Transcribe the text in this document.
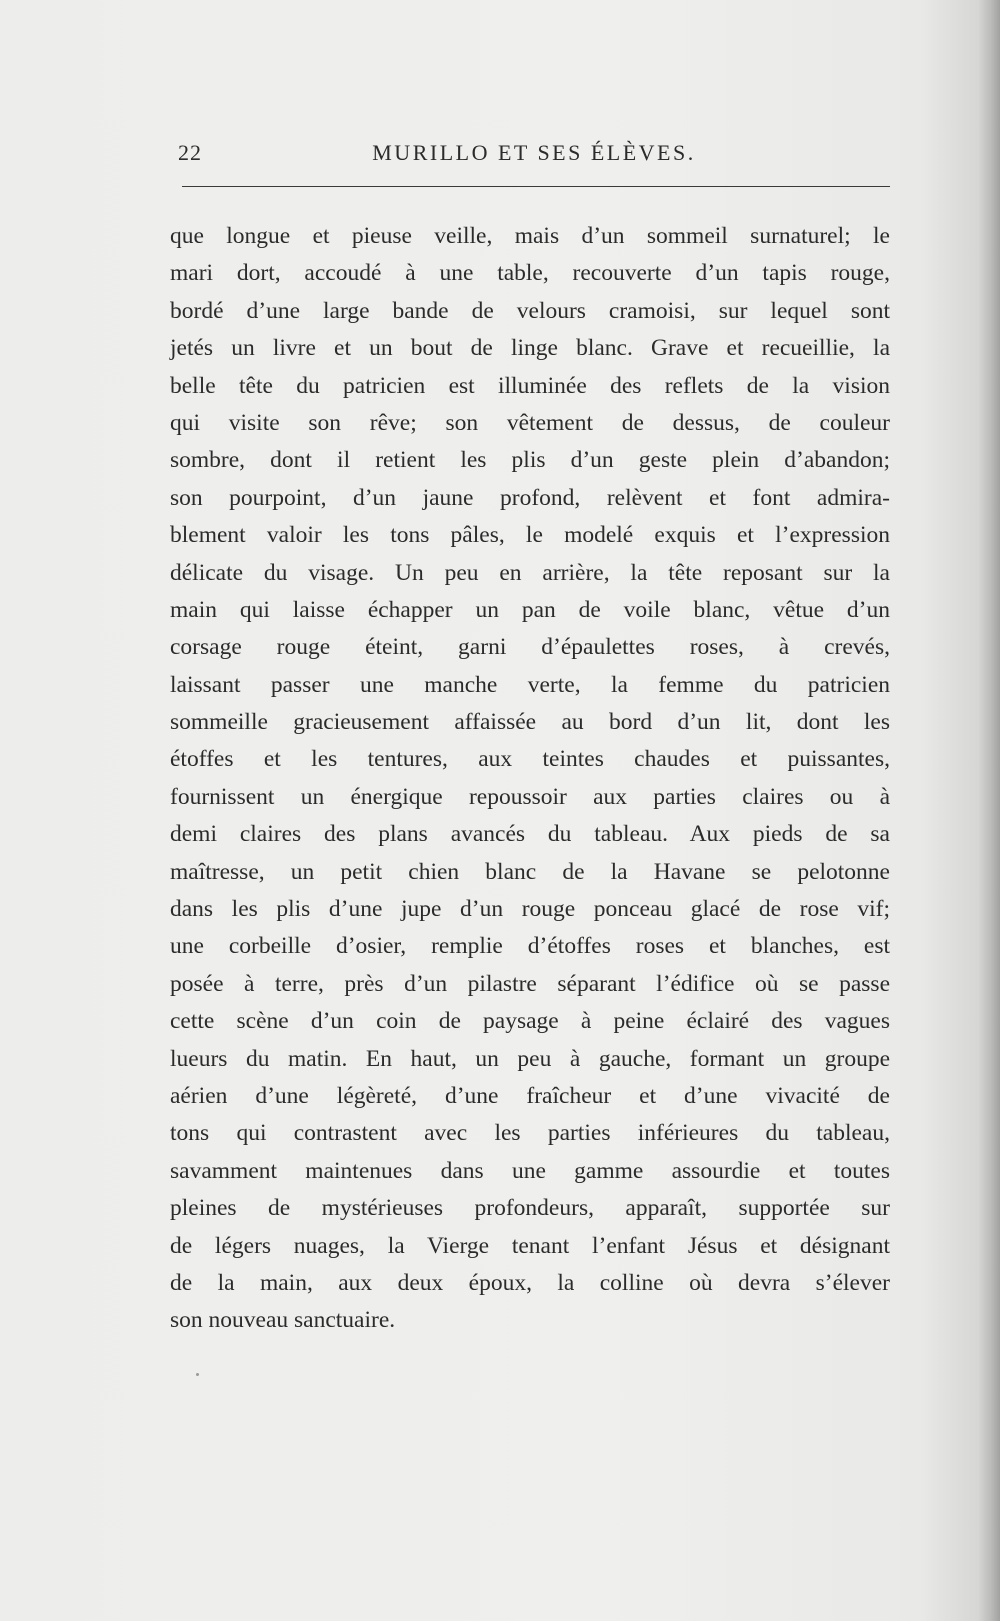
22	MURILLO ET SES ÉLÈVES.
que longue et pieuse veille, mais d’un sommeil surnaturel; le
mari dort, accoudé à une table, recouverte d’un tapis rouge,
bordé d’une large bande de velours cramoisi, sur lequel sont
jetés un livre et un bout de linge blanc. Grave et recueillie, la
belle tête du patricien est illuminée des reflets de la vision
qui visite son rêve; son vêtement de dessus, de couleur
sombre, dont il retient les plis d’un geste plein d’abandon;
son pourpoint, d’un jaune profond, relèvent et font admira-
blement valoir les tons pâles, le modelé exquis et l’expression
délicate du visage. Un peu en arrière, la tête reposant sur la
main qui laisse échapper un pan de voile blanc, vêtue d’un
corsage rouge éteint, garni d’épaulettes roses, à crevés,
laissant passer une manche verte, la femme du patricien
sommeille gracieusement affaissée au bord d’un lit, dont les
étoffes et les tentures, aux teintes chaudes et puissantes,
fournissent un énergique repoussoir aux parties claires ou à
demi claires des plans avancés du tableau. Aux pieds de sa
maîtresse, un petit chien blanc de la Havane se pelotonne
dans les plis d’une jupe d’un rouge ponceau glacé de rose vif;
une corbeille d’osier, remplie d’étoffes roses et blanches, est
posée à terre, près d’un pilastre séparant l’édifice où se passe
cette scène d’un coin de paysage à peine éclairé des vagues
lueurs du matin. En haut, un peu à gauche, formant un groupe
aérien d’une légèreté, d’une fraîcheur et d’une vivacité de
tons qui contrastent avec les parties inférieures du tableau,
savamment maintenues dans une gamme assourdie et toutes
pleines de mystérieuses profondeurs, apparaît, supportée sur
de légers nuages, la Vierge tenant l’enfant Jésus et désignant
de la main, aux deux époux, la colline où devra s’élever
son nouveau sanctuaire.
